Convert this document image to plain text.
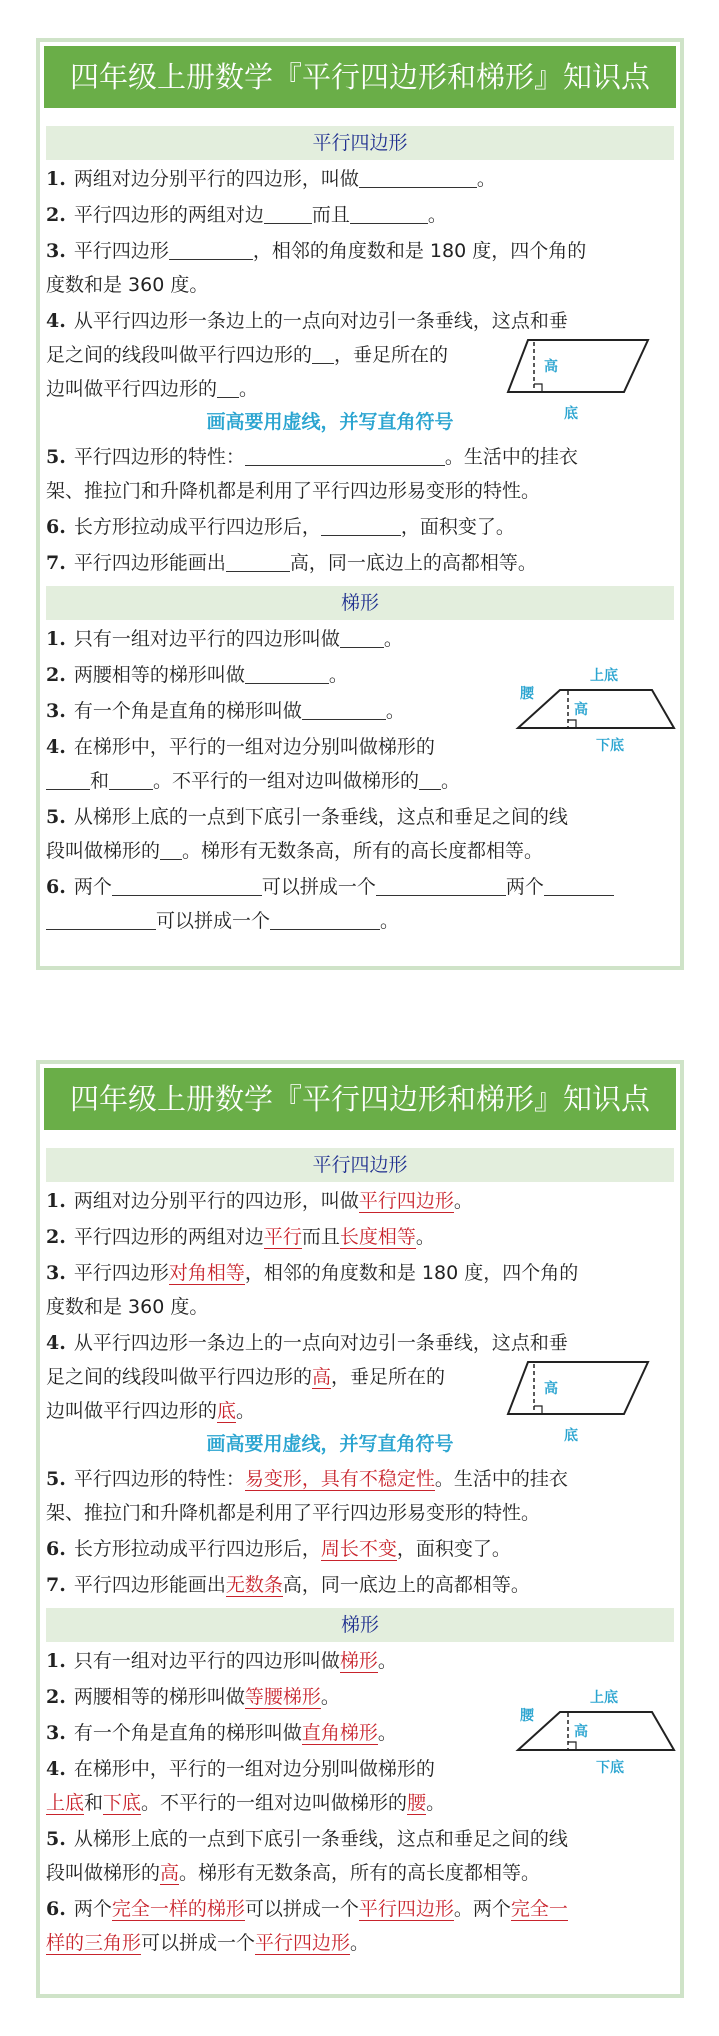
四年级上册数学『平行四边形和梯形』知识点
平行四边形
1. 两组对边分别平行的四边形，叫做	。
2. 平行四边形的两组对边	而且	。
3. 平行四边形	，相邻的角度数和是 180 度，四个角的
度数和是 360 度。
4. 从平行四边形一条边上的一点向对边引一条垂线，这点和垂
足之间的线段叫做平行四边形的 ，垂足所在的
边叫做平行四边形的 。
高
底
画高要用虚线，并写直角符号
5. 平行四边形的特性：	。生活中的挂衣
架、推拉门和升降机都是利用了平行四边形易变形的特性。
6. 长方形拉动成平行四边形后，	，面积变了。
7. 平行四边形能画出	高，同一底边上的高都相等。
梯形
1. 只有一组对边平行的四边形叫做 。
2. 两腰相等的梯形叫做	。
3. 有一个角是直角的梯形叫做	。
4. 在梯形中，平行的一组对边分别叫做梯形的
和 。不平行的一组对边叫做梯形的 。
上底
腰
高
下底
5. 从梯形上底的一点到下底引一条垂线，这点和垂足之间的线
段叫做梯形的 。梯形有无数条高，所有的高长度都相等。
6. 两个	可以拼成一个	两个
可以拼成一个	。
四年级上册数学『平行四边形和梯形』知识点
平行四边形
1. 两组对边分别平行的四边形，叫做平行四边形。
2. 平行四边形的两组对边平行而且长度相等。
3. 平行四边形对角相等，相邻的角度数和是 180 度，四个角的
度数和是 360 度。
4. 从平行四边形一条边上的一点向对边引一条垂线，这点和垂
足之间的线段叫做平行四边形的高，垂足所在的
边叫做平行四边形的底。
高
底
画高要用虚线，并写直角符号
5. 平行四边形的特性：易变形，具有不稳定性。生活中的挂衣
架、推拉门和升降机都是利用了平行四边形易变形的特性。
6. 长方形拉动成平行四边形后，周长不变，面积变了。
7. 平行四边形能画出无数条高，同一底边上的高都相等。
梯形
1. 只有一组对边平行的四边形叫做梯形。
2. 两腰相等的梯形叫做等腰梯形。
3. 有一个角是直角的梯形叫做直角梯形。
4. 在梯形中，平行的一组对边分别叫做梯形的
上底和下底。不平行的一组对边叫做梯形的腰。
上底
腰
高
下底
5. 从梯形上底的一点到下底引一条垂线，这点和垂足之间的线
段叫做梯形的高。梯形有无数条高，所有的高长度都相等。
6. 两个完全一样的梯形可以拼成一个平行四边形。两个完全一
样的三角形可以拼成一个平行四边形。
